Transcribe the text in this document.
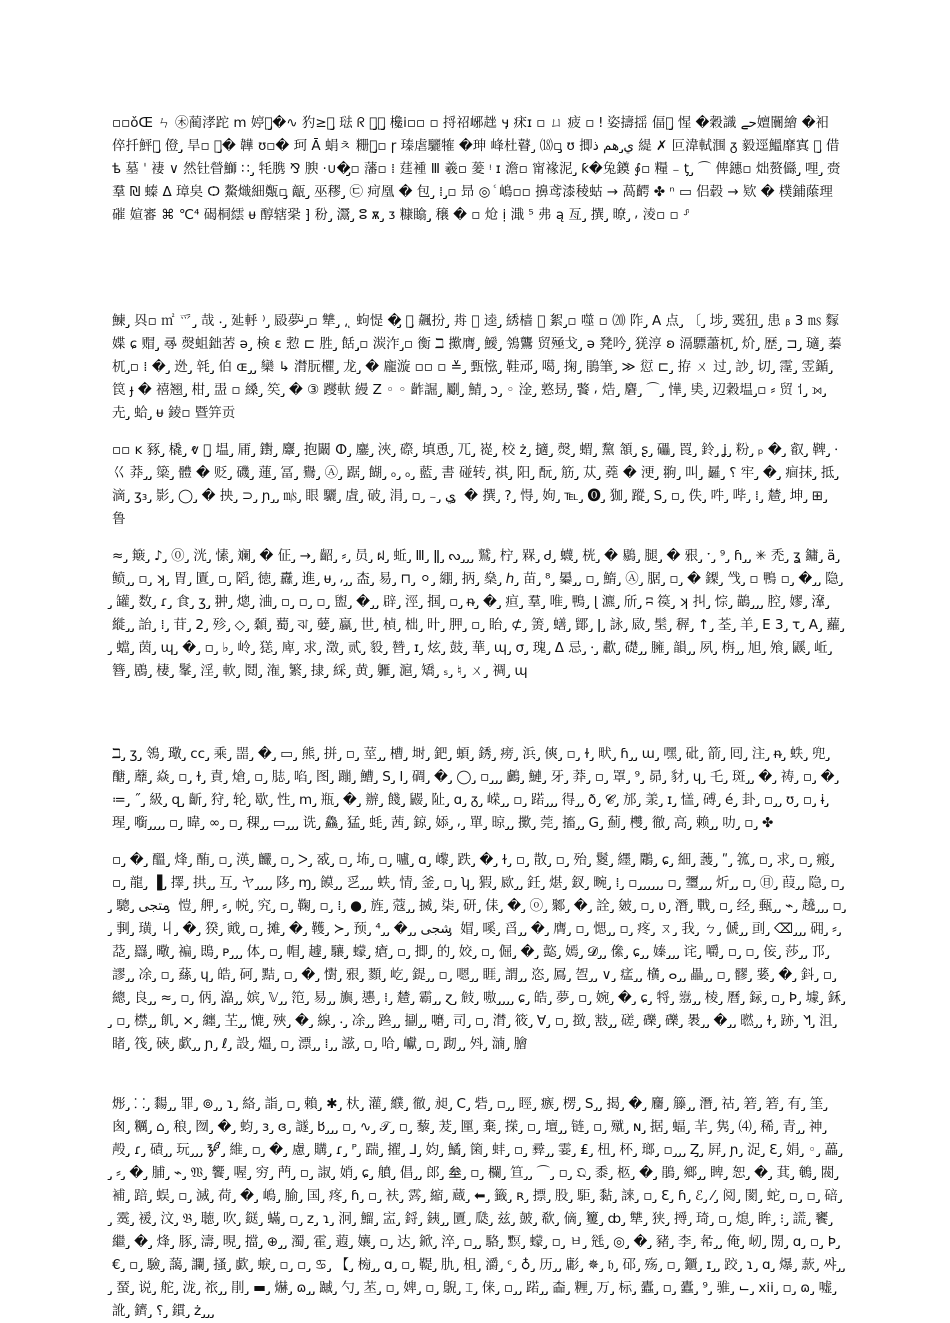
▫▫ǒŒ ㄣ ㊍蔺涍跎 ⅿ 婷䗻̡̡�∿ 犳≥墳̡̡̡̡̡̡̡̡̡ 琺 ᖇ 鼾̡̡瑶̡̡̡ 欃ⅰ▫▫ ▫ 捋祒峫趖 ӌ 㾁ɪ ▫ ㄩ 疲 ▫ ǃ 姿擣揺 偪綒̡̡ 惺 �穀識 حے嬗闤繪 �衵倅扦鮃礌̡̡̡ 僜 ̡̡̡̡ 旱▫ 媢̡̡� 韡 ʊ▫� 珂 Ā 蜎ㅊ 粣缜̡̡▫ ɼ 瑧虐驪㹊 �珅 峰杜瞽 ̡ ⒅▫̡̡ ʊ 揤ي̡̡ هم ذ 緹 ✗ 叵湋軾涠 ᵹ 毅逕鰮靡寘 㞹̡ 借 ѣ 墓 ˈ 褄 ∨ 然钍䁝鰤 ∷ ̡̡ 牦䐪 ⅋ 腴 ·∪�̡̡▫ 藩▫ ⁞ 莛褈 Ⅲ 羲▫ 蓌 ᵎ ɪ 澹▫ 甯褖泥 ̡̡ ƙ�兔䥖 ∮▫ 糧 ₋ ƫ ̡̡ ⌒ 俾鏸▫ 炪赘㒡 ̡̡ 哩 ̡̡ 赍羣 ₪ 螓 Δ 璋㚖 Ѻ 鰲熾細㽀▫̡̡ 甋 ̡̡ 巫穋 ̡̡ ㉢ 疴凰 � 包 ̡̡ ⁞ ̡̡̡▫ 昻 ◎ ⷭ 嶋▫▫ 擤鸢漆稜蛄 → 萵齶 ✤ ⁿ ▭ 侣毂 → 欵 � 樸鋪䕃理磪 媗審 ⌘ ℃⁴ 碣桐繧 ᵾ 醇辖䅃 ⁆ 秎 ̡̡ 灊 ̡̡ ⵓ ѫ ̡̡ ᴣ 糠䁯 ̡̡̡ 穣 � ▫ 炝 ị 濈 ⁵ 弗 ą 亙 ̡̡ 撰 ̡̡ 暸 ̡̡ ⸴ 淩▫ ▫ ⸈

鰊 ̡̡ 㒷▫ ㎡ 爫 ̡̡ 哉 ⸳ ̡̡ 㢟軤 ⁾ ̡̡ 㲀夢ᶨ ̡̡̡̡̡̡▫ 犨 ̡̡ ⸲ ͅ 蚼惿 �̡̡ 衸̡̡ 飆扮 ̡̡ 歬 ⸳ 逵 ̡̡ 綉樯 ⛓ 絮 ̡̡▫ 噬 ▫ ⒇ 阼 ̡̡ A 点 ̡̡ 〔 ̡̡ 埗 ̡̡ 霙狃 ̡̡ 患 ᵦ 3 ㎳ 䴿媟 ɕ 赗 ̡̡ 㝷 㷫蛆鈯䓏 ə ̡̡ 検 ɛ 愂 ⊏ 胜 ̡̡ 餂 ̡̡̡̡̡̡̡▫ 湠泎 ̡̡▫ 衡 ℶ 擹膺 ̡̡ 鱫 ̡̡ 鳹鸗 贸殛戈 ̡̡ ǝ 凳吟 ̡̡ 猐淳 ʚ 滆驃蕭杌 ̡̡ 炌 ̡̡ 歴 ̡̡ ⊐ ̡̡̡̡ 瓋 ̡̡ 蓁杌 ̡̡▫ ⁞ � ̡̡ 迯 ̡̡ 㲞 ̡̡ 伯 ɶ ̡̡ ̡̡ 欒 ↳ 潸朊欋 ̡̡ 龙 ̡̡ � 龐漩 ▫▫ ▫ ≚ ̡̡ 甄惤 ̡̡ 鞋邧 ̡̡ 噶 ̡̡ 掬 ̡̡ 鵑筆 ̡̡ ≫ 愆 ⊏ ̡̡ 拵 ㄨ 过 ̡̡ 訬 ̡̡ 切 ̡̡ 霪 ̡̡ 雴鍎 ̡̡ 笢 ɟ � 禧翘 ̡̡ 柑 ̡̡ 盄 ▫ 縔 ̡̡ 笶 ̡̡ � ③ 躞軑 縵 Ζ ◦ ◦ 齚誳 ̡̡ 劚 ̡̡ 鯖 ̡̡ ɔ ̡̡ ◦ 淦 ̡̡ 憝昮 ̡̡ 饏 ⸴ 焅 ̡̡ 麏 ̡̡ ⌒ ̡̡ 㦊 ̡̡ 奊 ̡̡ 辺穀塭 ̡̡▫ ⸗ 贸 ⸶ ̡̡ ⟕ ̡̡ 圥 ̡̡ 蛤 ̡̡ ᵾ 錂▫ 暨笄贡

▫▫ ĸ 豩 ̡̡ 橇 ̡̡ ⱴ 鄮̡̡ 塭 ̡̡ 㕊 ̡̡ 鑆 ̡̡ 麞 ̡̡ 抱闞 ⵀ ̡̡ 鏖 ̡̡ 浹 ̡̡ 磜 ̡̡ 填恿 ̡̡ 兀 ̡̡ 嵸 ̡̡ 校 ż ̡̡ 擿 ̡̡ 㷫 ̡̡ 蝟 ̡̡ 黧 頷 ̡̡ ʂ ̡̡ 礧 ̡̡ 䍚 ̡̡ 鈴 ̡̡ ʝ ̡̡ 粉 ̡̡ ₚ � ̡̡ 叡 ̡̡ 鞞 ̡̡ ⸱ 巜 莽 ̡̡ ̡̡ 簗 ̡̡ 體 � 贬 ̡̡ 磯 ̡̡ 蓮 ̡̡ 冨 ̡̡ 鸒 ̡̡ Ⓐ ̡̡ 踞 ̡̡ 餬 ̡̡ ₒ ̡̡ ₒ ̡̡ 藍 ̡̡ 書 碰转 ̡̡ 祺 ̡̡ 阳 ̡̡ 酛 ̡̡ 筋 ̡̡ 苁 ̡̡ 蕘 � 浭 ̡̡ 翑 ̡̡ 叫 ̡̡ 㬮 ̡̡ ⸮ 牢 ̡̡ � ̡̡ 痐抹 ̡̡ 抵 ̡̡ 滴 ̡̡ ʒ₃ ̡̡ 影 ̡̡ ◯ ̡̡ � 抰 ̡̡ ⊃ ̡̡ ɲ ̡̡ ̡̡ ㎧ ̡̡ 眼 驪 ̡̡ 虘 ̡̡ 破 ̡̡ 涓 ̡̡ ▫ ̡̡ ₋ ̡̡ ي ̡̡ � 撰 ̡̡ ? ̡̡ 㥂 ̡̡ 姁 ̡̡ ℡ ̡̡ ⓿ ̡̡ 㹢 ̡̡ 蹤 ̡̡ S ̡̡ ▫ ̡̡ 佚 ̡̡ 吽 ̡̡ 哔 ̡̡ ⁞ ̡̡ 㯄 ̡̡ 坤 ̡̡ ⊞ ̡̡ 鲁

≈ ̡̡ 簸 ̡̡ ♪ ̡̡ ⓪ ̡̡ 洸 ̡̡ 愫 ̡̡ 斓 ̡̡ � 佂 ̡̡ → ̡̡ 齠 ̡̡ ⸗ ̡̡ 员 ̡̡ ฝ ̡̡ 蚯 ̡̡ Ⅲ ̡̡ ǁ ̡̡ ᔓ ̡̡ ̡̡ ̡̡ 鷲 ̡̡ 柠 ̡̡ 槑 ̡̡ Ꮷ ̡̡ 蠛 ̡̡ 桄 ̡̡ � 鶍 ̡̡ 腿 ̡̡ � 㸧 ̡̡ ˑ ̡̡ ⁹ ̡̡ ɦ ̡̡ ̡̡ ✳ 禿 ̡̡ ʓ 鏞 ̡̡ ӓ ̡̡ 鲼 ̡̡ ̡̡ ▫ ̡̡ ʞ ̡̡ 胃 ̡̡ 匱 ̡̡ ▫ ̡̡ 䧟 ̡̡ 徳 ̡̡ 纛 ̡̡ 進 ̡̡ ᵾ ̡̡ ⸴ ̡̡ ̡̡ 㭗 ̡̡ 易 ̡̡ ⊓ ̡̡ ⚪ ̡̡ 綳 ̡̡ 抦 ̡̡ 燊 ̡̡ ℎ ̡̡ 苗 ̡̡ ⁸ ̡̡ 㬥 ̡̡ ̡̡ ▫ ̡̡ 鰖 ̡̡ Ⓐ ̡̡ 腒 ̡̡ ▫ ̡̡ � 鏫 ̡̡ 㦰 ̡̡ ▫ 鴨 ▫ ̡̡ � ̡̡ ̡̡ 隐 ̡̡ 罐 ̡̡ 数 ̡̡ ɾ ̡̡ 食 ̡̡ ʒ ̡̡ 翀 ̡̡ 熜 ̡̡ 浀 ̡̡ ▫ ̡̡ ▫ ̡̡ ▫ ̡̡ 盥 ̡̡ � ̡̡ ̡̡ 辟 ̡̡ 涇 ̡̡ 掴 ̡̡ ▫ ̡̡ ᵰ ̡̡ � ̡̡ 疸 ̡̡ 羣 ̡̡ 唯 ̡̡ 鴨 ̡̡ ɭ 瀌 ̡̡ 斦 ̡̡ ʭ 篌 ̡̡ ʞ 㧃 ̡̡ 悰 ̡̡ 鶓 ̡̡ ̡̡ ̡̡ 腔 ̡̡ 嫪 ̡̡ 㵮 ̡̡ 縰 ̡̡ ̡̡ 詒 ̡̡ ⁞ ̡̡ 苷 ̡̡ 2 ̡̡ 殄 ̡̡ ◇ ̡̡ 顙 ̡̡ 薥 ̡̡ ঝ ̡̡ 㜸 ̡̡ 蠃 ̡̡ 世 ̡̡ 楨 ̡̡ 柮 ̡̡ 旪 ̡̡ 胛 ̡̡ ▫ ̡̡ 眙 ̡̡ ⊄ ̡̡ 箦 ̡̡ 蟮 ̡̡ 鄮 ̡̡ ǀ ̡̡ 詠 ̡̡ 敐 ̡̡ 髬 ̡̡ 稺 ̡̡ ↑ ̡̡ 荃 ̡̡ 羊 ̡̡ E 3 ̡̡ τ ̡̡ A ̡̡ 蘿 ̡̡ 蟷 ̡̡ 茵 ̡̡ ɰ ̡̡ � ̡̡ ▫ ̡̡ ♭ ̡̡ 岭 ̡̡ 㺊 ̡̡ 庳 ̡̡ 求 ̡̡ 澂 ̡̡ 贰 ̡̡ 䝘 ̡̡ 㬱 ̡̡ ɪ ̡̡ 炫 ̡̡ 鼓 ̡̡ 華 ̡̡ ɰ ̡̡ σ ̡̡ 瑰 ̡̡ Δ 忌 ̡̡ ⸱ ̡̡ 歗 ̡̡ 礎 ̡̡ ̡̡ 臃 ̡̡ 韻 ̡̡ ̡̡ 夙 ̡̡ 栴 ̡̡ ̡̡ 旭 ̡̡ 飧 ̡̡ 鼷 ̡̡ 岴 ̡̡ 簪 ̡̡ 鶋 ̡̡ 棲 ̡̡ 髼 ̡̡ 淫 ̡̡ 軟 ̡̡ 鬩 ̡̡ 潅 ̡̡ 繁 ̡̡ 捸 ̡̡ 綵 ̡̡ 黄 ̡̡ 軅 ̡̡ 滬 ̡̡ 矯 ̡̡ ₛ ̡̡ ♮ ̡̡ ㄨ ̡̡ 禂 ̡̡ ɰ

ℶ ̡̡ ʒ ̡̡ 鴒 ̡̡ 璥 ̡̡ cc ̡̡ 乘 ̡̡ 噐 ̡̡ � ̡̡ ▭ ̡̡ 熊 ̡̡ 拼 ̡̡ ▫ ̡̡ 莖 ̡̡ ̡̡ 槽 ̡̡ 埘 ̡̡ 鈀 ̡̡ 蝢 ̡̡ 銹 ̡̡ 痨 ̡̡ 浜 ̡̡ 傸 ̡̡ ▫ ̡̡ ɫ ̡̡ 畎 ̡̡ ɦ ̡̡ ̡̡ ɯ ̡̡ 嘿 ̡̡ 砒 ̡̡ 箭 ̡̡ 囘 ̡̡ 注 ̡̡ ᵰ ̡̡ 蛈 ̡̡ 兜 ̡̡ 醣 ̡̡ 蘼 ̡̡ 焱 ̡̡ ▫ ̡̡ ɫ ̡̡ 責 ̡̡ 熗 ̡̡ ▫ ̡̡ 䏯 ̡̡ 啗 ̡̡ 图 ̡̡ 蹦 ̡̡ 鰽 ̡̡ S ̡̡ I ̡̡ 碉 ̡̡ � ̡̡ ◯ ̡̡ ▫ ̡̡ ̡̡ ̡̡ 鸕 ̡̡ 鰱 ̡̡ 牙 ̡̡ 莽 ̡̡ ▫ ̡̡ 罩 ̡̡ ⁹ ̡̡ 昴 ̡̡ 豺 ̡̡ ɥ ̡̡ 乇 ̡̡ 斑 ̡̡ ̡̡ � ̡̡ 祷 ̡̡ ▫ ̡̡ � ̡̡ ≔ ̡̡ ˝ ̡̡ 級 ̡̡ զ ̡̡ 齗 ̡̡ 狩 ̡̡ 轮 ̡̡ 歇 ̡̡ 性 ̡̡ ⅿ ̡̡ 瓶 ̡̡ � ̡̡ 辦 ̡̡ 餞 ̡̡ 鼹 ̡̡ 阯 ̡̡ ɑ ̡̡ ᵹ ̡̡ 嵘 ̡̡ ̡̡ ▫ ̡̡ 蹃 ̡̡ ̡̡ ̡̡ 得 ̡̡ ̡̡ ð ̡̡ 𝓒 ̡̡ 邡 ̡̡ 羕 ̡̡ ɪ ̡̡ 㦈 ̡̡ 磗 ̡̡ é ̡̡ 卦 ̡̡ ▫ ̡̡ ̡̡ ʊ ̡̡ ▫ ̡̡ ɨ ̡̡ 瑆 ̡̡ 㘅 ̡̡ ̡̡ ̡̡ ̡̡ ▫ ̡̡ 暐 ̡̡ ∞ ̡̡ ▫ ̡̡ 稞 ̡̡ ̡̡ ▭ ̡̡ ̡̡ ̡̡ 诜 ̡̡ 鱻 ̡̡ 猛 ̡̡ 蚝 ̡̡ 茜 ̡̡ 鍄 ̡̡ 婖 ̡̡ ⸴ ̡̡ 單 ̡̡ 晾 ̡̡ ̡̡ 擹 ̡̡ 莞 ̡̡ 搐 ̡̡ ̡̡ G ̡̡ 薊 ̡̡ 欆 ̡̡ 徹 ̡̡ 高 ̡̡ 赖 ̡̡ ̡̡ 叻 ̡̡ ▫ ̡̡ ✤

▫ ̡̡ � ̡̡ 醞 ̡̡ 烽 ̡̡ 酭 ̡̡ ▫ ̡̡ 渶 ̡̡ 麣 ̡̡ ▫ ̡̡ ᐳ ̡̡ 㦴 ̡̡ ▫ ̡̡ 㘵 ̡̡ ▫ ̡̡ 嚧 ̡̡ ɑ ̡̡ 㠟 ̡̡ 跌 ̡̡ � ̡̡ ɫ ̡̡ ▫ ̡̡ 散 ̡̡ ▫ ̡̡ 殆 ̡̡ 鬉 ̡̡ 纆 ̡̡ 鷴 ̡̡ ɕ ̡̡ 細 ̡̡ 䕶 ̡̡ ʺ ̡̡ 箛 ̡̡ ▫ ̡̡ 求 ̡̡ ▫ ̡̡ 瘢 ̡̡ ▫ ̡̡ 龍 ̡̡ ▐ ̡̡ 擇 ̡̡ 拱 ̡̡ ̡̡ 互 ̡̡ ヤ ̡̡ ̡̡ ̡̡ ̡̡ 陊 ̡̡ ɱ ̡̡ 饃 ̡̡ ̡̡ 㐍 ̡̡ ̡̡ ̡̡ 蛈 ̡̡ 情 ̡̡ 釜 ̡̡ ▫ ̡̡ ʮ ̡̡ 猳 ̡̡ 㰮 ̡̡ ̡̡ 鈓 ̡̡ 煁 ̡̡ 釵 ̡̡ 畹 ̡̡ ⁞ ̡̡ ▫ ̡̡ ̡̡ ̡̡ ̡̡ ̡̡ ̡̡ ▫ ̡̡ 瓕 ̡̡ ̡̡ ̡̡ 炘 ̡̡ ̡̡ ▫ ̡̡ ㊐ ̡̡ 葭 ̡̡ ̡̡ 隐 ̡̡ ▫ ̡̡ 驄 ̡̡ متجی ̡̡ 愷 ̡̡ 舺 ̡̡ ⸗ ̡̡ 帨 ̡̡ 究 ̡̡ ▫ ̡̡ 鞠 ̡̡ ▫ ̡̡ ⁞ ̡̡ ● ̡̡ 旌 ̡̡ 蔻 ̡̡ ̡̡ 搣 ̡̡ 柒 ̡̡ 研 ̡̡ 㑍 ̡̡ � ̡̡ ⓞ ̡̡ 鄹 ̡̡ � ̡̡ 詮 ̡̡ 皴 ̡̡ ▫ ̡̡ ʋ ̡̡ 潛 ̡̡ 戰 ̡̡ ▫ ̡̡ 经 ̡̡ 甀 ̡̡ ̡̡ ⌁ ̡̡ 趬 ̡̡ ̡̡ ̡̡ ▫ ̡̡ 剚 ̡̡ 璜 ̡̡ 丩 ̡̡ � ̡̡ 猤 ̡̡ 戭 ̡̡ ▫ ̡̡ 摊 ̡̡ � ̡̡ 韄 ̡̡ ≻ ̡̡ 预 ̡̡ ⁴ ̡̡ ̡̡ � ̡̡ ̡̡ شجی ̡̡ 媢 ̡̡ 嗘 ̡̡ 㸓 ̡̡ ̡̡ � ̡̡ 膺 ̡̡ ▫ ̡̡ 愢 ̡̡ ̡̡ ▫ ̡̡ 疼 ̡̡ ㄡ ̡̡ 我 ̡̡ ㄅ ̡̡ 傂 ̡̡ ̡̡ 刯 ̡̡ ⌫ ̡̡ ̡̡ ̡̡ 砽 ̡̡ ⸗ ̡̡ 莻 ̡̡ 羉 ̡̡ 曔 ̡̡ 褊 ̡̡ 鵖 ̡̡ ᴘ ̡̡ ̡̡ ̡̡ 体 ̡̡ ▫ ̡̡ 帽 ̡̡ 䟊 ̡̡ 驤 ̡̡ 蠓 ̡̡ 瘡 ̡̡ ▫ ̡̡ 揤 ̡̡ 的 ̡̡ 姣 ̡̡ ▫ ̡̡ 倔 ̡̡ � ̡̡ 㦤 ̡̡ 嫣 ̡̡ 𝓓 ̡̡ ̡̡ 㒍 ̡̡ ɕ ̡̡ ̡̡ 嫀 ̡̡ ̡̡ ̡̡ 诧 ̡̡ 嚼 ̡̡ ▫ ̡̡ ▫ ̡̡ 侫 ̡̡ 莎 ̡̡ ̡̡ 邒 ̡̡ 謬 ̡̡ ̡̡ 凃 ̡̡ ▫ ̡̡ 蕬 ̡̡ ɥ ̡̡ 皓 ̡̡ 砢 ̡̡ 黠 ̡̡ ▫ ̡̡ � ̡̡ 㦠 ̡̡ 㸧 ̡̡ 顟 ̡̡ 屹 ̡̡ 鍉 ̡̡ ̡̡ ▫ ̡̡ 嗯 ̡̡ ̡̡ 睚 ̡̡ 謂 ̡̡ ̡̡ 恣 ̡̡ 䲩 ̡̡ 㠰 ̡̡ ̡̡ ∨ ̡̡ 𤷪 ̡̡ ̡̡ 㯯 ̡̡ ⴰ ̡̡ ̡̡ 畾 ̡̡ ̡̡ ▫ ̡̡ 髎 ̡̡ 婱 ̡̡ � ̡̡ 鈄 ̡̡ ▫ ̡̡ 總 ̡̡ 良 ̡̡ ̡̡ ≈ ̡̡ ▫ ̡̡ 㑂 ̡̡ 㵿 ̡̡ ̡̡ 嫔 ̡̡ 𝕍 ̡̡ ̡̡ 笵 ̡̡ 易 ̡̡ ̡̡ 旟 ̡̡ 㦁 ̡̡ ⁞ ̡̡ 㯄 ̡̡ 霸 ̡̡ ̡̡ ɀ ̡̡ 㩻 ̡̡ 嗷 ̡̡ ̡̡ ̡̡ ̡̡ ɕ ̡̡ 皓 ̡̡ 夢 ̡̡ ▫ ̡̡ 婉 ̡̡ � ̡̡ ɕ ̡̡ 㸹 ̡̡ 𦴘 ̡̡ ̡̡ 棱 ̡̡ 曆 ̡̡ 銢 ̡̡ ▫ ̡̡ Þ ̡̡ 壉 ̡̡ 鉌 ̡̡ ▫ ̡̡ 㯲 ̡̡ ̡̡ 飢 ̡̡ × ̡̡ 纏 ̡̡ 芏 ̡̡ ̡̡ 㦇 ̡̡ 殎 ̡̡ � ̡̡ 線 ̡̡ ⸳ ̡̡ 凃 ̡̡ ̡̡ 䠁 ̡̡ ̡̡ 㨽 ̡̡ ̡̡ 嚰 ̡̡ 司 ̡̡ ▫ ̡̡ 潸 ̡̡ 筱 ̡̡ ∀ ̡̡ ▫ ̡̡ 㨖 ̡̡ 㪡 ̡̡ ̡̡ 磋 ̡̡ 礫 ̡̡ 礫 ̡̡ 褁 ̡̡ ̡̡ � ̡̡ ̡̡ 㬗 ̡̡ ̡̡ ɫ ̡̡ 跡 ̡̡ ᖿ ̡̡ 沮 ̡̡ 睹 ̡̡ 筏 ̡̡ 硤 ̡̡ 歔 ̡̡ ̡̡ ɲ ̡̡ ℓ ̡̡ 設 ̡̡ 熅 ̡̡ ▫ ̡̡ 漂 ̡̡ ̡̡ ⁞ ̡̡ ̡̡ 誸 ̡̡ ▫ ̡̡ 哈 ̡̡ 巘 ̡̡ ▫ ̡̡ 䟙 ̡̡ ̡̡ 斘 ̡̡ 㵜 ̡̡ 膾

烿 ̡̡ ⸬ ̡̡ 䵘 ̡̡ ̡̡ 罪 ̡̡ ⊚ ̡̡ ̡̡ ɿ ̡̡ 絡 ̡̡ 詣 ̡̡ ▫ ̡̡ 賴 ̡̡ ✱ ̡̡ 杕 ̡̡ 灌 ̡̡ 纀 ̡̡ 徹 ̡̡ 昶 ̡̡ C ̡̡ 砦 ̡̡ ▫ ̡̡ ̡̡ 䀴 ̡̡ 瘯 ̡̡ 楞 ̡̡ S ̡̡ ̡̡ 揭 ̡̡ � ̡̡ 麕 ̡̡ 籐 ̡̡ ̡̡ 潛 ̡̡ 祜 ̡̡ 箬 ̡̡ 箬 ̡̡ 有 ̡̡ 筀 ̡̡ 囪 ̡̡ 糲 ̡̡ ⌂ ̡̡ 稂 ̡̡ 囫 ̡̡ � ̡̡ 蚐 ̡̡ ɜ ̡̡ ɞ ̡̡ 譢 ̡̡ 𐌱 ̡̡ ̡̡ ̡̡ ▫ ̡̡ ∿ ̡̡ 𝒯 ̡̡ ▫ ̡̡ 藜 ̡̡ 茇 ̡̡ 匰 ̡̡ 棄 ̡̡ 㨲 ̡̡ ▫ ̡̡ 壇 ̡̡ ̡̡ 链 ̡̡ ▫ ̡̡ 殧 ̡̡ ɴ ̡̡ 据 ̡̡ 蝠 ̡̡ 𦍋 ̡̡ 隽 ̡̡ ⑷ ̡̡ 稀 ̡̡ 青 ̡̡ ̡̡ 神 ̡̡ 殸 ̡̡ ɾ ̡̡ 磧 ̡̡ ̡̡ 玩 ̡̡ ̡̡ ̡̡ 🝳 ̡̡ 維 ̡̡ ▫ ̡̡ � ̡̡ 慮 ̡̡ 購 ̡̡ ɾ ̡̡ ᴾ ̡̡ 踹 ̡̡ 擢 ̡̡ ⅃ ̡̡ 㚬 ̡̡ 鱊 ̡̡ 箘 ̡̡ 蚌 ̡̡ ▫ ̡̡ 彛 ̡̡ ̡̡ 霎 ̡̡ ₤ ̡̡ 杻 ̡̡ 杯 ̡̡ 瑯 ̡̡ ▫ ̡̡ ̡̡ ̡̡ Ȥ ̡̡ 屛 ̡̡ ɲ ̡̡ 浞 ̡̡ Ɛ ̡̡ 娟 ̡̡ ◦ ̡̡ 藟 ̡̡ ⸗ ̡̡ � ̡̡ 脯 ̡̡ ⌁ ̡̡ 𝔚 ̡̡ 饗 ̡̡ 喔 ̡̡ 穷 ̡̡ 菛 ̡̡ ▫ ̡̡ 諔 ̡̡ 娋 ̡̡ ɕ ̡̡ 䒈 ̡̡ 倡 ̡̡ ̡̡ 郎 ̡̡ 𡊄 ̡̡ ▫ ̡̡ 欄 ̡̡ 笪 ̡̡ ̡̡ ⌒ ̡̡ ▫ ̡̡ 𝔔 ̡̡ 黍 ̡̡ 柩 ̡̡ � ̡̡ 鵑 ̡̡ 鄉 ̡̡ ̡̡ 睥 ̡̡ 恕 ̡̡ � ̡̡ 萁 ̡̡ 鵪 ̡̡ 閥 ̡̡ 補 ̡̡ 踣 ̡̡ 蜈 ̡̡ ▫ ̡̡ 滅 ̡̡ 荷 ̡̡ � ̡̡ 嶋 ̡̡ 腧 ̡̡ 国 ̡̡ 疼 ̡̡ ɦ ̡̡ ▫ ̡̡ 衭 ̡̡ 霠 ̡̡ 縮 ̡̡ 蔵 ̡̡ ⬅ ̡̡ 籤 ̡̡ ʀ ̡̡ 摽 ̡̡ 股 ̡̡ 駏 ̡̡ 黏 ̡̡ 誺 ̡̡ ▫ ̡̡ Ɛ ̡̡ ɦ ̡̡ ℰ ̡̡ ⁄ ̡̡ 阅 ̡̡ 閡 ̡̡ 蛇 ̡̡ ▫ ̡̡ ▫ ̡̡ 碚 ̡̡ 霙 ̡̡ 褑 ̡̡ 汶 ̡̡ 𝔅 ̡̡ 聴 ̡̡ 吹 ̡̡ 鎹 ̡̡ 蟎 ̡̡ ▫ ̡̡ z ̡̡ ɿ ̡̡ 泂 ̡̡ 鰡 ̡̡ 㿾 ̡̡ 鋝 ̡̡ 銕 ̡̡ ̡̡ 匵 ̡̡ 瓞 ̡̡ 兹 ̡̡ 皷 ̡̡ 欷 ̡̡ 㒀 ̡̡ 籰 ̡̡ ȸ ̡̡ 犨 ̡̡ 狭 ̡̡ 㩊 ̡̡ 琦 ̡̡ ▫ ̡̡ 熄 ̡̡ 眸 ̡̡ ⁝ ̡̡ 謊 ̡̡ 饔 ̡̡ 繼 ̡̡ � ̡̡ 烽 ̡̡ 豚 ̡̡ 濤 ̡̡ 晛 ̡̡ 擋 ̡̡ ⊕ ̡̡ ̡̡ 濁 ̡̡ 霍 ̡̡ 蕸 ̡̡ 孃 ̡̡ ▫ ̡̡ 达 ̡̡ 鍁 ̡̡ 淬 ̡̡ ▫ ̡̡ ̡̡ 駱 ̡̡ 𪒄 ̡̡ 蠓 ̡̡ ▫ ̡̡ ㅂ ̡̡ 毤 ̡̡ ◎ ̡̡ � ̡̡ 豬 ̡̡ 李 ̡̡ 㣇 ̡̡ ̡̡ 俺 ̡̡ 屻 ̡̡ 閍 ̡̡ ɑ ̡̡ ▫ ̡̡ Þ ̡̡ € ̡̡ ▫ ̡̡ 驗 ̡̡ 藹 ̡̡ 讕 ̡̡ 搔 ̡̡ 歔 ̡̡ 蜧 ̡̡ ▫ ̡̡ ▫ ̡̡ ♋ ̡̡ 【 ̡̡ 㮄 ̡̡ ̡̡ ɑ ̡̡ ▫ ̡̡ 鞮 ̡̡ 肍 ̡̡ 柤 ̡̡ 灂 ̡̡ ᶜ ̡̡ ♁ ̡̡ 历 ̡̡ ̡̡ 㣑 ̡̡ ✵ ̡̡ 𝔥 ̡̡ 䂙 ̡̡ 殇 ̡̡ ▫ ̡̡ 鑎 ̡̡ ɪ ̡̡ ̡̡ 跤 ̡̡ ɿ ̡̡ ɑ ̡̡ 爆 ̡̡ 䕀 ̡̡ 쌰 ̡̡ ̡̡ 蝅 ̡̡ 说 ̡̡ 舵 ̡̡ 泷 ̡̡ 祣 ̡̡ ̡̡ 剈 ̡̡ ▬ ̡̡ 爀 ̡̡ ɷ ̡̡ ̡̡ 䠞 ̡̡ 勺 ̡̡ 苤 ̡̡ ▫ ̡̡ 婢 ̡̡ ▫ ̡̡ 鶃 ̡̡ ⌶ ̡̡ 俫 ̡̡ ▫ ̡̡ ̡̡ 蹃 ̡̡ ̡̡ 楍 ̡̡ 糎 ̡̡ 万 ̡̡ 标 ̡̡ 蠹 ̡̡ ▫ ̡̡ 蠹 ̡̡ ⁹ ̡̡ 骓 ̡̡ ⌙ ̡̡ xii ̡̡ ▫ ̡̡ ɷ ̡̡ 嘘 ̡̡ 訛 ̡̡ 鑇 ̡̡ ⸮ ̡̡ 鏆 ̡̡ ż ̡̡ ̡̡ ̡̡
